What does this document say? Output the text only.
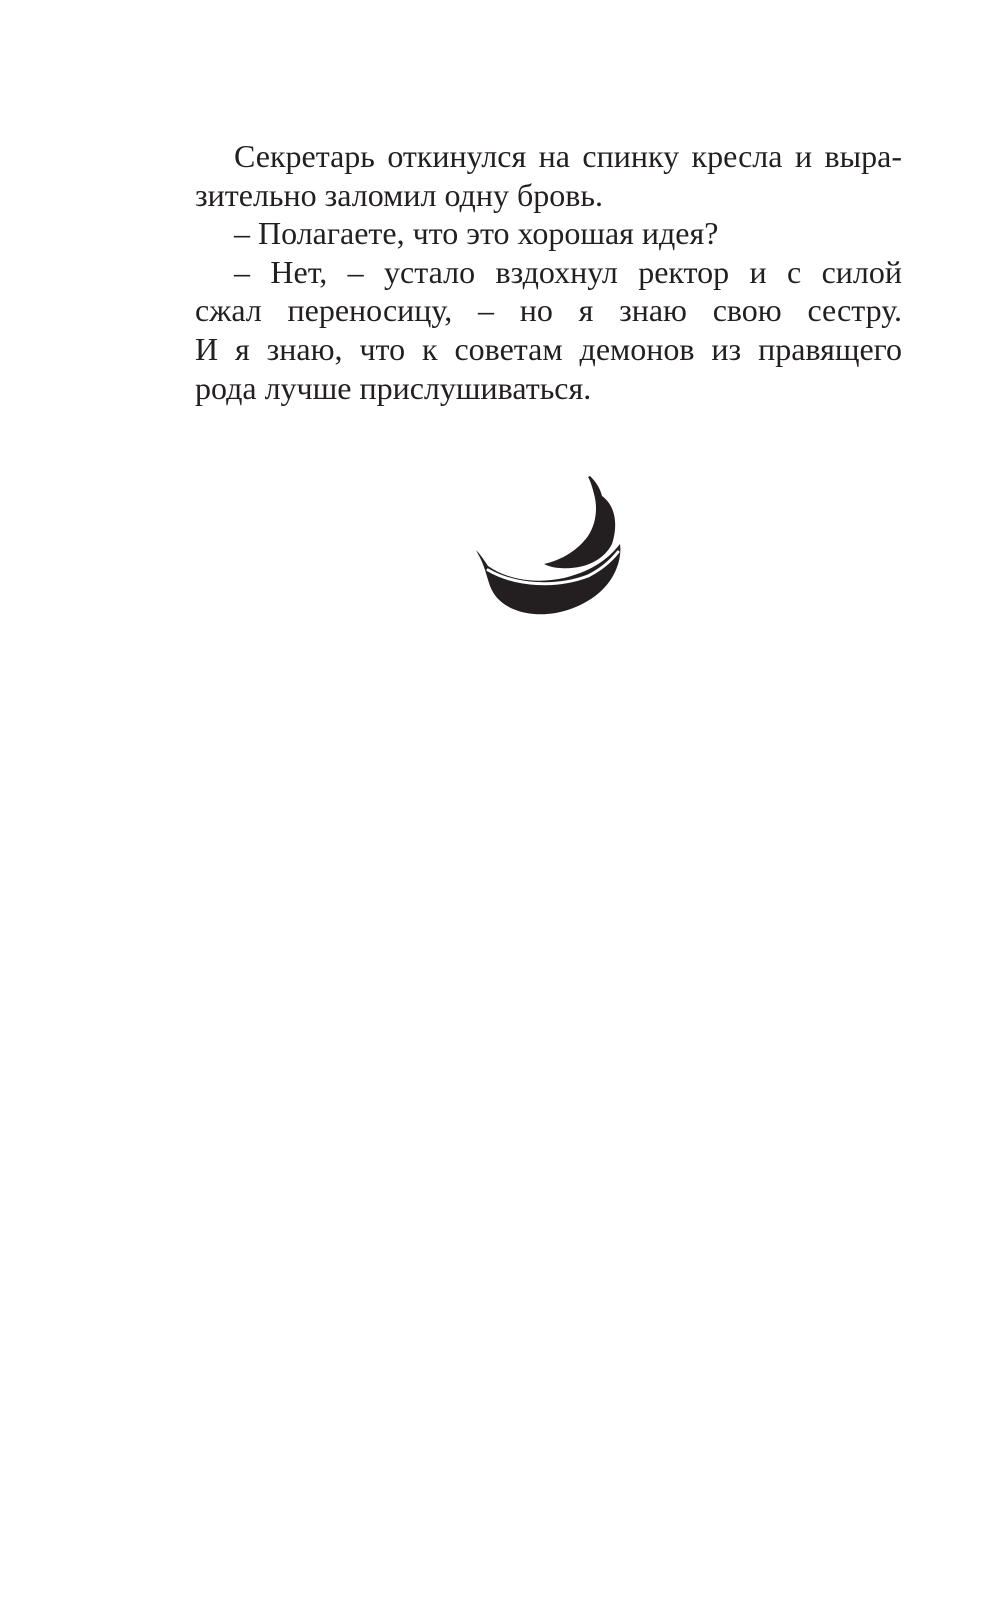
Секретарь откинулся на спинку кресла и выра-
зительно заломил одну бровь.
– Полагаете, что это хорошая идея?
– Нет, – устало вздохнул ректор и с силой
сжал переносицу, – но я знаю свою сестру.
И я знаю, что к советам демонов из правящего
рода лучше прислушиваться.
